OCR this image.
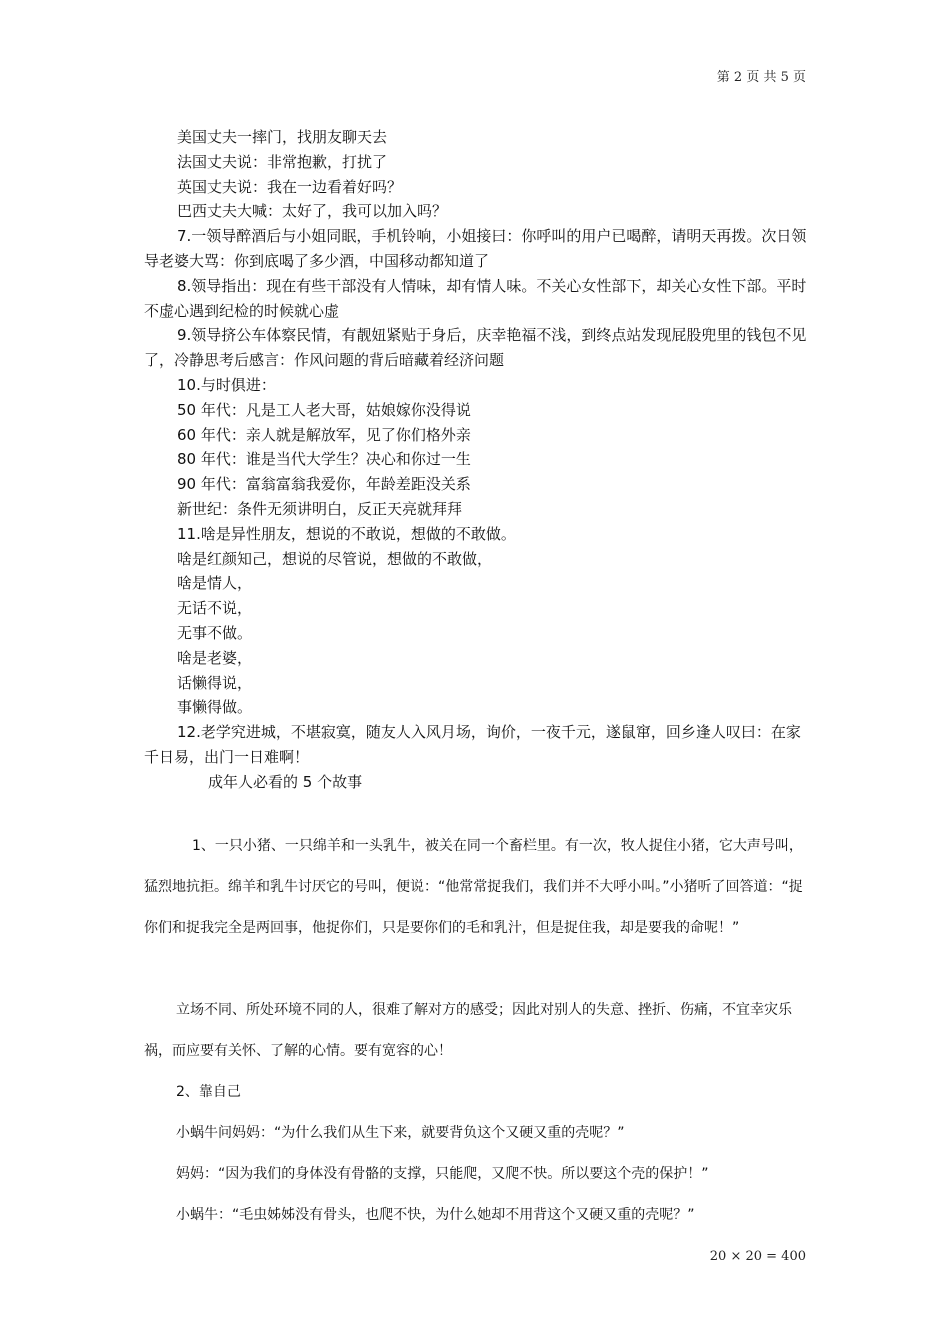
第 2 页 共 5 页

美国丈夫一摔门，找朋友聊天去

法国丈夫说：非常抱歉，打扰了

英国丈夫说：我在一边看着好吗？

巴西丈夫大喊：太好了，我可以加入吗？

7.一领导醉酒后与小姐同眠，手机铃响，小姐接曰：你呼叫的用户已喝醉，请明天再拨。次日领导老婆大骂：你到底喝了多少酒，中国移动都知道了

8.领导指出：现在有些干部没有人情味，却有情人味。不关心女性部下，却关心女性下部。平时不虚心遇到纪检的时候就心虚

9.领导挤公车体察民情，有靓妞紧贴于身后，庆幸艳福不浅，到终点站发现屁股兜里的钱包不见了，冷静思考后感言：作风问题的背后暗藏着经济问题

10.与时俱进：

50 年代：凡是工人老大哥，姑娘嫁你没得说

60 年代：亲人就是解放军，见了你们格外亲

80 年代：谁是当代大学生？决心和你过一生

90 年代：富翁富翁我爱你，年龄差距没关系

新世纪：条件无须讲明白，反正天亮就拜拜

11.啥是异性朋友，想说的不敢说，想做的不敢做。

啥是红颜知己，想说的尽管说，想做的不敢做，

啥是情人，

无话不说，

无事不做。

啥是老婆，

话懒得说，

事懒得做。

12.老学究进城，不堪寂寞，随友人入风月场，询价，一夜千元，遂鼠窜，回乡逢人叹曰：在家千日易，出门一日难啊！

成年人必看的 5 个故事

1、一只小猪、一只绵羊和一头乳牛，被关在同一个畜栏里。有一次，牧人捉住小猪，它大声号叫，猛烈地抗拒。绵羊和乳牛讨厌它的号叫，便说：“他常常捉我们，我们并不大呼小叫。”小猪听了回答道：“捉你们和捉我完全是两回事，他捉你们，只是要你们的毛和乳汁，但是捉住我，却是要我的命呢！”

立场不同、所处环境不同的人，很难了解对方的感受；因此对别人的失意、挫折、伤痛，不宜幸灾乐祸，而应要有关怀、了解的心情。要有宽容的心！

2、靠自己

小蜗牛问妈妈：“为什么我们从生下来，就要背负这个又硬又重的壳呢？”

妈妈：“因为我们的身体没有骨骼的支撑，只能爬，又爬不快。所以要这个壳的保护！”

小蜗牛：“毛虫姊姊没有骨头，也爬不快，为什么她却不用背这个又硬又重的壳呢？”

20 × 20 = 400
